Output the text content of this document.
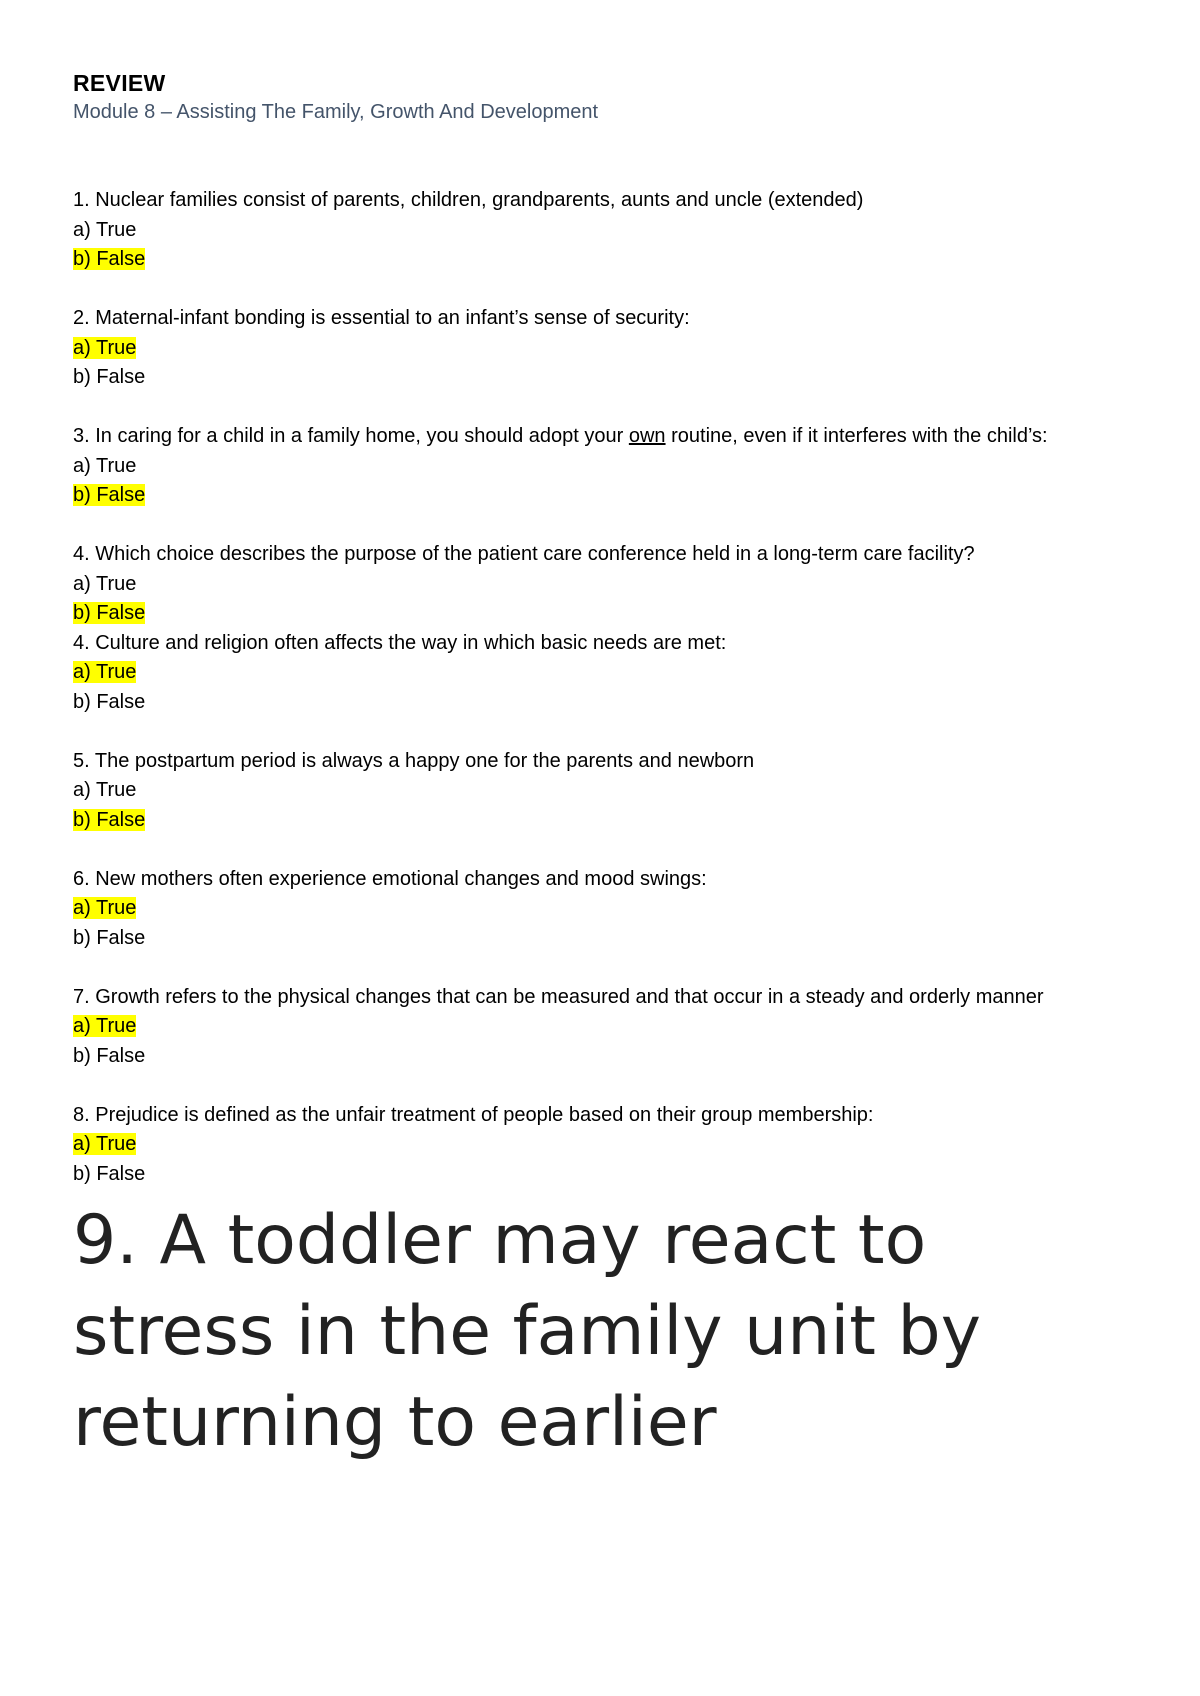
REVIEW
Module 8 – Assisting The Family, Growth And Development
1. Nuclear families consist of parents, children, grandparents, aunts and uncle (extended)
a) True
b) False
2. Maternal-infant bonding is essential to an infant’s sense of security:
a) True
b) False
3. In caring for a child in a family home, you should adopt your own routine, even if it interferes with the child’s:
a) True
b) False
4. Which choice describes the purpose of the patient care conference held in a long-term care facility?
a) True
b) False
4. Culture and religion often affects the way in which basic needs are met:
a) True
b) False
5. The postpartum period is always a happy one for the parents and newborn
a) True
b) False
6. New mothers often experience emotional changes and mood swings:
a) True
b) False
7. Growth refers to the physical changes that can be measured and that occur in a steady and orderly manner
a) True
b) False
8. Prejudice is defined as the unfair treatment of people based on their group membership:
a) True
b) False
9. A toddler may react to stress in the family unit by returning to earlier
